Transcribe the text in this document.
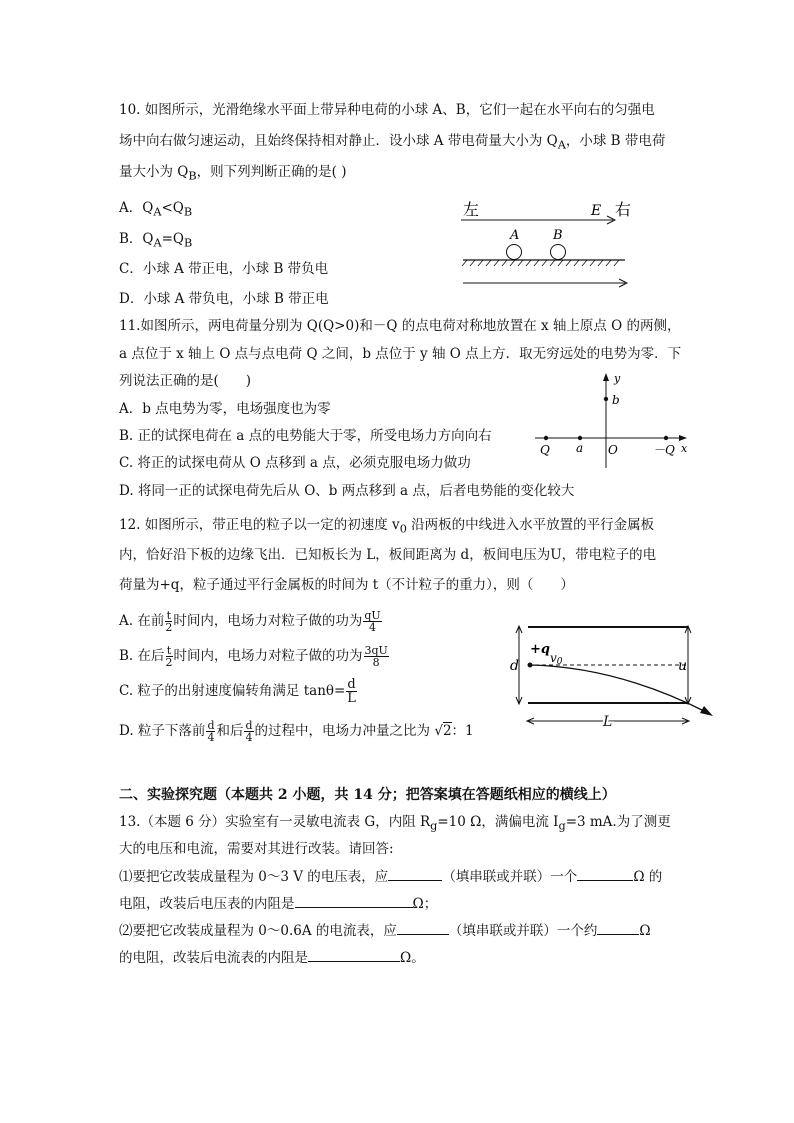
10. 如图所示，光滑绝缘水平面上带异种电荷的小球 A、B，它们一起在水平向右的匀强电
场中向右做匀速运动，且始终保持相对静止．设小球 A 带电荷量大小为 $Q_A$，小球 B 带电荷
量大小为 $Q_B$，则下列判断正确的是( )
A．$Q_A<Q_B$
B．$Q_A=Q_B$
C．小球 A 带正电，小球 B 带负电
D．小球 A 带负电，小球 B 带正电
左	E 右
A	B
11.如图所示，两电荷量分别为 Q(Q>0)和－Q 的点电荷对称地放置在 x 轴上原点 O 的两侧，
a 点位于 x 轴上 O 点与点电荷 Q 之间，b 点位于 y 轴 O 点上方．取无穷远处的电势为零．下
列说法正确的是(　　)
A．b 点电势为零，电场强度也为零
B. 正的试探电荷在 a 点的电势能大于零，所受电场力方向向右
C. 将正的试探电荷从 O 点移到 a 点，必须克服电场力做功
D. 将同一正的试探电荷先后从 O、b 两点移到 a 点，后者电势能的变化较大
y
b
Q a O	－Q x
12. 如图所示，带正电的粒子以一定的初速度 $v_0$ 沿两板的中线进入水平放置的平行金属板
内，恰好沿下板的边缘飞出．已知板长为 L，板间距离为 d，板间电压为U，带电粒子的电
荷量为+q，粒子通过平行金属板的时间为 t（不计粒子的重力），则（　　）
A. 在前 $\frac{t}{2}$ 时间内，电场力对粒子做的功为 $\frac{qU}{4}$
B. 在后 $\frac{t}{2}$ 时间内，电场力对粒子做的功为 $\frac{3qU}{8}$
C. 粒子的出射速度偏转角满足 $\tan\theta= \frac{d}{L}$
D. 粒子下落前 $\frac{d}{4}$ 和后 $\frac{d}{4}$ 的过程中，电场力冲量之比为 √2：1
+q
d	v0	u
L
二、实验探究题（本题共 2 小题，共 14 分；把答案填在答题纸相应的横线上）
13.（本题 6 分）实验室有一灵敏电流表 G，内阻 $R_g=10$ Ω，满偏电流 $I_g=3$ mA.为了测更
大的电压和电流，需要对其进行改装。请回答:
⑴要把它改装成量程为 0～3 V 的电压表，应	（填串联或并联）一个	Ω 的
电阻，改装后电压表的内阻是	Ω；
⑵要把它改装成量程为 0～0.6A 的电流表，应	（填串联或并联）一个约	Ω
的电阻，改装后电流表的内阻是	Ω。
